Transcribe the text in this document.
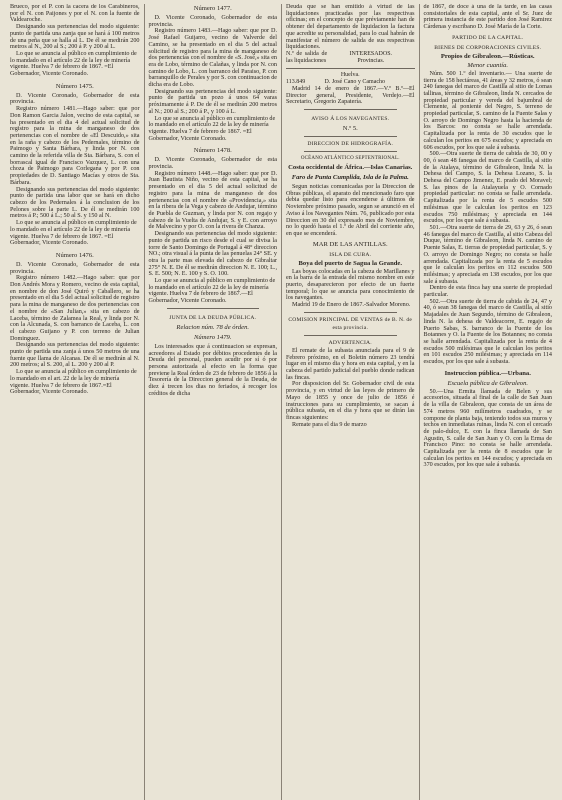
Brueco, por el P. con la cacera de los Carabineros, por el N. con Paijones y por el N. con la fuente de Valdearoche.

Designando sus pertenencias del modo siguiente: punto de partida una zanja que se hará á 100 metros de una peña que se halla al L. De él se medirán 200 metros al N., 200 al S.; 200 á P. y 200 al L.

Lo que se anuncia al público en cumplimiento de lo mandado en el artículo 22 de la ley de minería vigente. Huelva 7 de febrero de 1867. =El Gobernador, Vicente Coronado.

Número 1475.

D. Vicente Coronado, Gobernador de esta provincia.

Registro número 1481.—Hago saber: que por Don Ramon Garcia Jalon, vecino de esta capital, se ha presentado en el dia 4 del actual solicitud de registro para la mina de manganeso de dos pertenencias con el nombre de «El Descuido,» sita en la raña y cabezo de los Pedernales, término de Paimogo y Santa Bárbara, y linda por N. con camino de la referida villa de Sta. Bárbara, S. con el borrascal igual de Francisco Vazquez, L. con una choza de Paimogo para Corlegana y por P. con propiedades de D. Santiago Macías y otros de Sta. Bárbara.

Designando sus pertenencias del modo siguiente: punto de partida una labor que se hará en dicho cabezo de los Pedernales á la conclusion de los Pelones sobre la parte L. De él se medirán 100 metros á P.; 500 á L.; 50 al S. y 150 al N.

Lo que se anuncia al público en cumplimiento de lo mandado en el artículo 22 de la ley de minería vigente. Huelva 7 de febrero de 1867. =El Gobernador, Vicente Coronado.

Número 1476.

D. Vicente Coronado, Gobernador de esta provincia.

Registro número 1482.—Hago saber: que por Don Andrés Mora y Romero, vecino de esta capital, en nombre de don José Quiró y Caballero, se ha presentado en el dia 5 del actual solicitud de registro para la mina de manganeso de dos pertenencias con el nombre de «San Julian,» sita en cabezo de Laceba, término de Zalamea la Real, y linda por N. con la Alcunada, S. con barranco de Laceba, L. con el cabezo Guijano y P. con terreno de Julian Dominguez.

Designando sus pertenencias del modo siguiente: punto de partida una zanja á unos 50 metros de una fuente que llama de Alcanas. De él se medirán al N. 200 metros; al S. 200, al L. 200 y 200 al P.

Lo que se anuncia al público en cumplimiento de lo mandado en el art. 22 de la ley de minería vigente. Huelva 7 de febrero de 1867.=El Gobernador, Vicente Coronado.

Número 1477.

D. Vicente Coronado, Gobernador de esta provincia.

Registro número 1483.—Hago saber: que por D. José Rafael Guijarro, vecino de Valverde del Camino, se ha presentado en el dia 5 del actual solicitud de registro para la mina de manganeso de dos pertenencias con el nombre de «S. José,» sita en era de Lobo, término de Calañas, y linda por N. con camino de Lobo, L. con barranco del Paraiso, P. con barranquillo de Perales y por S. con continuacion de dicha era de Lobo.

Designando sus pertenencias del modo siguiente: punto de partida un pozo á unos 64 varas próximamente á P. De de él se medirán 200 metros al N.; 200 al S.; 200 á P., y 100 á L.

Lo que se anuncia al público en cumplimiento de lo mandado en el artículo 22 de la ley de minería vigente. Huelva 7 de febrero de 1867. =El Gobernador, Vicente Coronado.

Número 1478.

D. Vicente Coronado, Gobernador de esta provincia.

Registro número 1448.—Hago saber: que por D. Juan Bautista Niño, vecino de esta capital, se ha presentado en el dia 5 del actual solicitud de registro para la mina de manganeso de dos pertenencias con el nombre de «Providencia,» sita en la ribera de la Vega y cabezo de Andujar, término de Puebla de Guzman, y linda por N. con regajo y cabezo de la Vuelta de Andujar, S. y E. con arroyo de Malvecino y por O. con la rivera de Chanza.

Designando sus pertenencias del modo siguiente: punto de partida un risco desde el cual se divisa la torre de Santo Domingo de Portugal á 48° direccion NO.; otra visual á la punta de las penuelas 24° SE. y otra la parte mas elevada del cabezo de Gibraltar 275° N. E. De él se medirán direccion N. E. 100; L., S. E. 500; N. E. 100 y S. O. 100.

Lo que se anuncia al público en cumplimiento de lo mandado en el artículo 22 de la ley de minería vigente. Huelva 7 de febrero de 1867.—El Gobernador, Vicente Coronado.

JUNTA DE LA DEUDA PÚBLICA.
Relacion núm. 78 de órden.
Número 1479.

Los interesados que á continuacion se expresan, acreedores al Estado por débitos procedentes de la Deuda del personal, pueden acudir por sí ó por persona autorizada al efecto en la forma que previene la Real órden de 23 de febrero de 1856 á la Tesorería de la Direccion general de la Deuda, de diez á trecen los dias no feriados, á recoger los créditos de dicha

Deuda que se han emitido á virtud de las liquidaciones practicadas por las respectivas oficinas; en el concepto de que préviamente han de obtener del departamento de liquidacion la factura que acredite su personalidad, para lo cual habrán de manifestar el número de salida de sus respectivas liquidaciones.

N.º de salida de las liquidaciones	INTERESADOS.
Provincias.
Huelva.
113.849	D. José Cano y Camacho

Madrid 14 de enero de 1867.—V.º B.º—El Director general, Presidente, Verdejo.—El Secretario, Gregorio Zapatería.

AVISO Á LOS NAVEGANTES.
N.º 5.
DIRECCION DE HIDROGRAFÍA.
OCÉANO ATLÁNTICO SEPTENTRIONAL.
Costa occidental de África.—Islas Canarias.
Faro de Punta Cumplida, Isla de la Palma.

Segun noticias comunicadas por la Direccion de Obras públicas, el aparato del mencionado faro que debia quedar listo para encenderse á últimos de Noviembre próximo pasado, segun se anunció en el Aviso á los Navegantes Núm. 76, publicado por esta Direccion en 30 del expresado mes de Noviembre, no lo quedó hasta el 1.º de Abril del corriente año, en que se encenderá.

MAR DE LAS ANTILLAS.
ISLA DE CUBA.
Boya del puerto de Sagua la Grande.

Las boyas colocadas en la cabeza de Marillanes y en la barra de la entrada del mismo nombre en este puerto, desaparecieron por efecto de un fuerte temporal; lo que se anuncia para conocimiento de los navegantes.

Madrid 19 de Enero de 1867.-Salvador Moreno.

COMISION PRINCIPAL DE VENTAS de B. N. de esta provincia.
ADVERTENCIA.

El remate de la subasta anunciada para el 9 de Febrero próximo, en el Boletin número 23 tendrá lugar en el mismo dia y hora en esta capital, y en la cabeza del partido judicial del pueblo donde radican las fincas.

Por disposicion del Sr. Gobernador civil de esta provincia, y en virtud de las leyes de primero de Mayo de 1855 y once de julio de 1856 é instrucciones para su cumplimiento, se sacan á pública subasta, en el dia y hora que se dirán las fincas siguientes:

Remate para el dia 9 de marzo

de 1867, de doce á una de la tarde, en las casas consistoriales de esta capital, ante el Sr. Juez de primera instancia de este partido don José Ramirez Cárdenas y escribano D. José María de la Corte.

PARTIDO DE LA CAPITAL.
BIENES DE CORPORACIONES CIVILES.
Propios de Gibraleon.—Rústicas.
Menor cuantía.

Núm. 500 1.º del inventario.— Una suerte de tierra de 158 hectáreas, 41 áreas y 32 metros, ó sean 240 fanegas del marco de Castilla al sitio de Lomas tallinas, término de Gibraleon, linda N. cercados de propiedad particular y vereda del bajumbral de Clemente, al poniente del Negro, S. terreno de propiedad particular, S. camino de la Fuente Salas y O. arroyo de Domingo Negro hasta la hacienda de los Barcos: no consta se halle arrendada. Capitalizada por la renta de 30 escudos que le calculan los peritos en 675 escudos; y apreciada en 606 escudos, por los que sale á subasta.

500.—Otra suerte de tierra de cabida de 30, 00 y 00, ó sean 48 fanegas del marco de Castilla, al sitio de la Atalaya, término de Gibraleon, linda N. la Dehesa del Campo, S. la Dehesa Lozano, S. la Dehesa del Campo Jimenez, E. prado del Moravel; S. las pinos de la Atalayuela y O. Cornado propiedad particular: no consta se halle arrendada. Capitalizada por la renta de 5 escudos 500 milésimas que le calculan los peritos en 123 escudos 750 milésimas; y apreciada en 144 escudos, por los que sale á subasta.

501.—Otra suerte de tierra de 29, 63 y 26, ó sean 46 fanegas del marco de Castilla, al sitio Cabeza del Duque, término de Gibraleon, linda N. camino de Puente Salas, E. tierras de propiedad particular, S. y O. arroyo de Domingo Negro; no consta se halle arrendada. Capitalizada por la renta de 5 escudos que le calculan los peritos en 112 escudos 500 milésimas; y apreciada en 138 escudos, por los que sale á subasta.

Dentro de esta finca hay una suerte de propiedad particular.

502.—Otra suerte de tierra de cabida de 24, 47 y 40, ó sean 38 fanegas del marco de Castilla, al sitio Majadales de Juan Segundo, término de Gibraleon, linda N. la dehesa de Valdeacorre, E. regajo de Puerto Sabas, S. barranco de la Fuente de los Botannes y O. la Fuente de los Botannes; no consta se halle arrendada. Capitalizada por la renta de 4 escudos 500 milésimas que le calculan los peritos en 101 escudos 250 milésimas; y apreciada en 114 escudos, por los que sale á subasta.

Instruccion pública.—Urbana.
Escuela pública de Gibraleon.

50.—Una Ermita llamada de Belen y sus accesorios, situada al final de la calle de San Juan de la villa de Gibraleon, que consta de un área de 574 metros 960 milímetros cuadrados, y se compone de planta baja, teniendo todos sus muros y techos en inmediatas ruinas, linda N. con el cercado de palo-dulce, E. con la finca llamada de San Agustin, S. calle de San Juan y O. con la Erma de Francisco Pino: no consta se halle arrendada. Capitalizada por la renta de 8 escudos que le calculan los peritos en 144 escudos; y apreciada en 370 escudos, por los que sale á subasta.
